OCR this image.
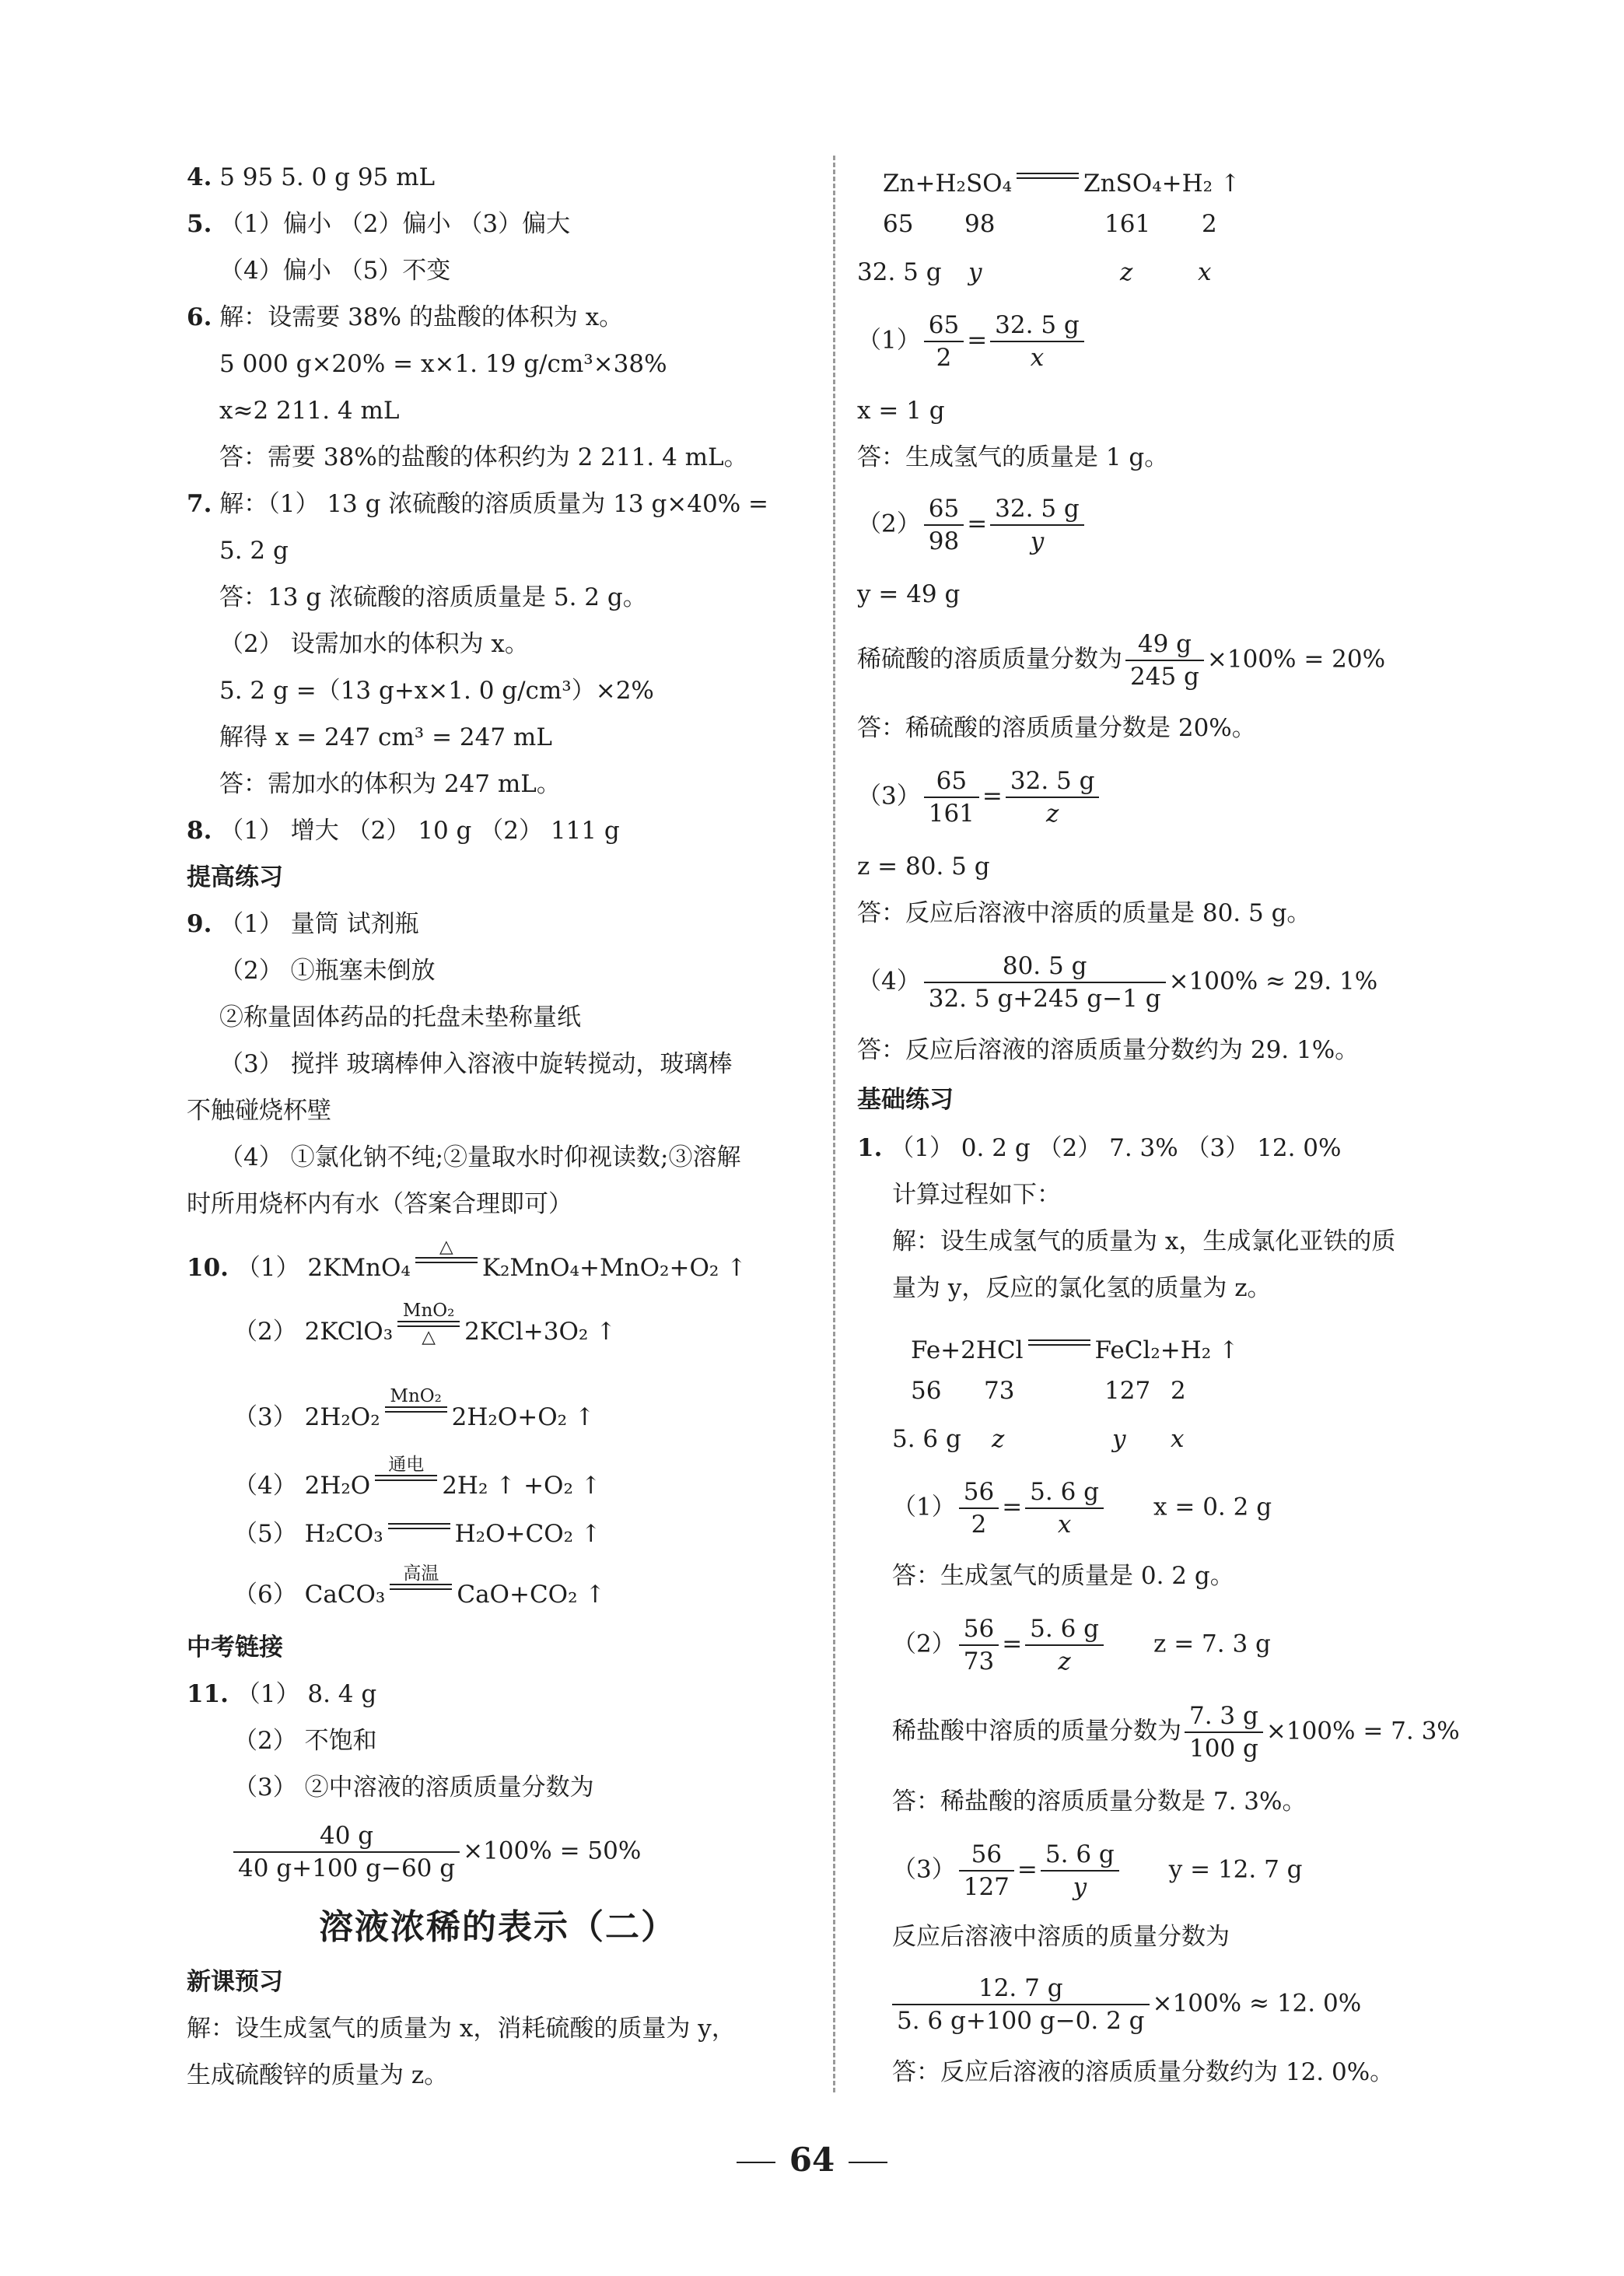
4. 5 95 5. 0 g 95 mL
5. （1）偏小 （2）偏小 （3）偏大
（4）偏小 （5）不变
6. 解：设需要 38% 的盐酸的体积为 x。
5 000 g×20% = x×1. 19 g/cm³×38%
x≈2 211. 4 mL
答：需要 38%的盐酸的体积约为 2 211. 4 mL。
7. 解：（1） 13 g 浓硫酸的溶质质量为 13 g×40% =
5. 2 g
答：13 g 浓硫酸的溶质质量是 5. 2 g。
（2） 设需加水的体积为 x。
5. 2 g =（13 g+x×1. 0 g/cm³）×2%
解得 x = 247 cm³ = 247 mL
答：需加水的体积为 247 mL。
8. （1） 增大 （2） 10 g （2） 111 g
提高练习
9. （1） 量筒 试剂瓶
（2） ①瓶塞未倒放
②称量固体药品的托盘未垫称量纸
（3） 搅拌 玻璃棒伸入溶液中旋转搅动，玻璃棒
不触碰烧杯壁
（4） ①氯化钠不纯;②量取水时仰视读数;③溶解
时所用烧杯内有水（答案合理即可）
10.
（1）
2KMnO₄
△
K₂MnO₄+MnO₂+O₂ ↑
（2）
2KClO₃
MnO₂
△ 2KCl+3O₂ ↑
（3）
2H₂O₂
MnO₂
2H₂O+O₂ ↑
（4）
2H₂O
通电
2H₂ ↑ +O₂ ↑
（5）
H₂CO₃	H₂O+CO₂ ↑
（6）
CaCO₃
高温
CaO+CO₂ ↑
中考链接
11. （1） 8. 4 g
（2） 不饱和
（3） ②中溶液的溶质质量分数为
$\frac{40 g}{40 g+100 g-60 g} \times 100\% = 50\%$
溶液浓稀的表示（二）
新课预习
解：设生成氢气的质量为 x，消耗硫酸的质量为 y，
生成硫酸锌的质量为 z。
Zn+H₂SO₄	ZnSO₄+H₂ ↑
65 98	161 2
32. 5 g y	z	x
$(1) \frac{65}{2} = \frac{32. 5 g}{x}$
x = 1 g
答：生成氢气的质量是 1 g。
$(2) \frac{65}{98} = \frac{32. 5 g}{y}$
y = 49 g
稀硫酸的溶质质量分数为 $\frac{49 g}{245 g} \times 100\% = 20\%$
答：稀硫酸的溶质质量分数是 20%。
$(3) \frac{65}{161} = \frac{32. 5 g}{z}$
z = 80. 5 g
答：反应后溶液中溶质的质量是 80. 5 g。
$(4) \frac{80. 5 g}{32. 5 g+245 g-1 g} \times 100\% \approx 29$. 1%
答：反应后溶液的溶质质量分数约为 29. 1%。
基础练习
1. （1） 0. 2 g （2） 7. 3% （3） 12. 0%
计算过程如下：
解：设生成氢气的质量为 x，生成氯化亚铁的质
量为 y，反应的氯化氢的质量为 z。
Fe+2HCl	FeCl₂+H₂ ↑
56 73	127 2
5. 6 g z	y x
$(1) \frac{56}{2} = \frac{5. 6 g}{x}$ x = 0. 2 g
答：生成氢气的质量是 0. 2 g。
$(2) \frac{56}{73} = \frac{5. 6 g}{z}$ z = 7. 3 g
稀盐酸中溶质的质量分数为 $\frac{7. 3 g}{100 g} \times 100\% = 7$. 3%
答：稀盐酸的溶质质量分数是 7. 3%。
$(3) \frac{56}{127} = \frac{5. 6 g}{y}$ y = 12. 7 g
反应后溶液中溶质的质量分数为
$\frac{12. 7 g}{5. 6 g+100 g-0. 2 g} \times 100\% \approx 12$. 0%
答：反应后溶液的溶质质量分数约为 12. 0%。
64
